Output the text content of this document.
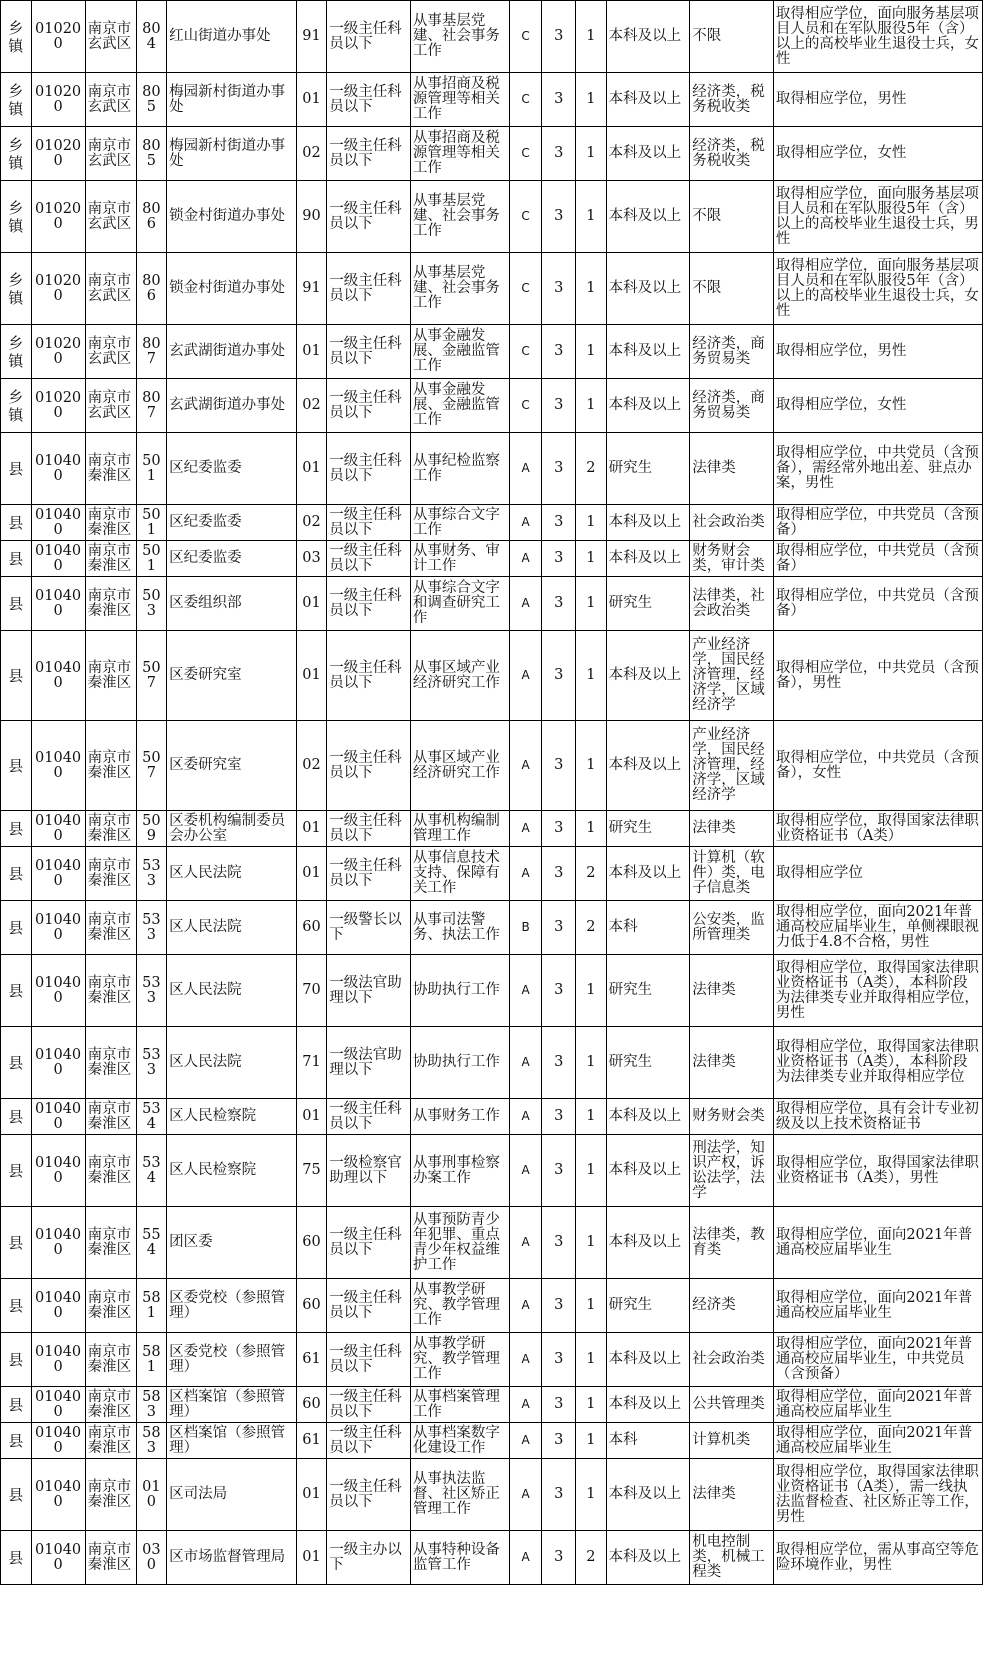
乡镇	010200	南京市玄武区	804	红山街道办事处	91	一级主任科员以下	从事基层党建、社会事务工作	C	3	1	本科及以上	不限	取得相应学位，面向服务基层项目人员和在军队服役5年（含）以上的高校毕业生退役士兵，女性
乡镇	010200	南京市玄武区	805	梅园新村街道办事处	01	一级主任科员以下	从事招商及税源管理等相关工作	C	3	1	本科及以上	经济类，税务税收类	取得相应学位，男性
乡镇	010200	南京市玄武区	805	梅园新村街道办事处	02	一级主任科员以下	从事招商及税源管理等相关工作	C	3	1	本科及以上	经济类，税务税收类	取得相应学位，女性
乡镇	010200	南京市玄武区	806	锁金村街道办事处	90	一级主任科员以下	从事基层党建、社会事务工作	C	3	1	本科及以上	不限	取得相应学位，面向服务基层项目人员和在军队服役5年（含）以上的高校毕业生退役士兵，男性
乡镇	010200	南京市玄武区	806	锁金村街道办事处	91	一级主任科员以下	从事基层党建、社会事务工作	C	3	1	本科及以上	不限	取得相应学位，面向服务基层项目人员和在军队服役5年（含）以上的高校毕业生退役士兵，女性
乡镇	010200	南京市玄武区	807	玄武湖街道办事处	01	一级主任科员以下	从事金融发展、金融监管工作	C	3	1	本科及以上	经济类，商务贸易类	取得相应学位，男性
乡镇	010200	南京市玄武区	807	玄武湖街道办事处	02	一级主任科员以下	从事金融发展、金融监管工作	C	3	1	本科及以上	经济类，商务贸易类	取得相应学位，女性
县	010400	南京市秦淮区	501	区纪委监委	01	一级主任科员以下	从事纪检监察工作	A	3	2	研究生	法律类	取得相应学位，中共党员（含预备），需经常外地出差、驻点办案，男性
县	010400	南京市秦淮区	501	区纪委监委	02	一级主任科员以下	从事综合文字工作	A	3	1	本科及以上	社会政治类	取得相应学位，中共党员（含预备）
县	010400	南京市秦淮区	501	区纪委监委	03	一级主任科员以下	从事财务、审计工作	A	3	1	本科及以上	财务财会类，审计类	取得相应学位，中共党员（含预备）
县	010400	南京市秦淮区	503	区委组织部	01	一级主任科员以下	从事综合文字和调查研究工作	A	3	1	研究生	法律类，社会政治类	取得相应学位，中共党员（含预备）
县	010400	南京市秦淮区	507	区委研究室	01	一级主任科员以下	从事区域产业经济研究工作	A	3	1	本科及以上	产业经济学，国民经济管理，经济学，区域经济学	取得相应学位，中共党员（含预备），男性
县	010400	南京市秦淮区	507	区委研究室	02	一级主任科员以下	从事区域产业经济研究工作	A	3	1	本科及以上	产业经济学，国民经济管理，经济学，区域经济学	取得相应学位，中共党员（含预备），女性
县	010400	南京市秦淮区	509	区委机构编制委员会办公室	01	一级主任科员以下	从事机构编制管理工作	A	3	1	研究生	法律类	取得相应学位，取得国家法律职业资格证书（A类）
县	010400	南京市秦淮区	533	区人民法院	01	一级主任科员以下	从事信息技术支持、保障有关工作	A	3	2	本科及以上	计算机（软件）类，电子信息类	取得相应学位
县	010400	南京市秦淮区	533	区人民法院	60	一级警长以下	从事司法警务、执法工作	B	3	2	本科	公安类，监所管理类	取得相应学位，面向2021年普通高校应届毕业生，单侧裸眼视力低于4.8不合格，男性
县	010400	南京市秦淮区	533	区人民法院	70	一级法官助理以下	协助执行工作	A	3	1	研究生	法律类	取得相应学位，取得国家法律职业资格证书（A类），本科阶段为法律类专业并取得相应学位，男性
县	010400	南京市秦淮区	533	区人民法院	71	一级法官助理以下	协助执行工作	A	3	1	研究生	法律类	取得相应学位，取得国家法律职业资格证书（A类），本科阶段为法律类专业并取得相应学位
县	010400	南京市秦淮区	534	区人民检察院	01	一级主任科员以下	从事财务工作	A	3	1	本科及以上	财务财会类	取得相应学位，具有会计专业初级及以上技术资格证书
县	010400	南京市秦淮区	534	区人民检察院	75	一级检察官助理以下	从事刑事检察办案工作	A	3	1	本科及以上	刑法学，知识产权，诉讼法学，法学	取得相应学位，取得国家法律职业资格证书（A类），男性
县	010400	南京市秦淮区	554	团区委	60	一级主任科员以下	从事预防青少年犯罪、重点青少年权益维护工作	A	3	1	本科及以上	法律类，教育类	取得相应学位，面向2021年普通高校应届毕业生
县	010400	南京市秦淮区	581	区委党校（参照管理）	60	一级主任科员以下	从事教学研究、教学管理工作	A	3	1	研究生	经济类	取得相应学位，面向2021年普通高校应届毕业生
县	010400	南京市秦淮区	581	区委党校（参照管理）	61	一级主任科员以下	从事教学研究、教学管理工作	A	3	1	本科及以上	社会政治类	取得相应学位，面向2021年普通高校应届毕业生，中共党员（含预备）
县	010400	南京市秦淮区	583	区档案馆（参照管理）	60	一级主任科员以下	从事档案管理工作	A	3	1	本科及以上	公共管理类	取得相应学位，面向2021年普通高校应届毕业生
县	010400	南京市秦淮区	583	区档案馆（参照管理）	61	一级主任科员以下	从事档案数字化建设工作	A	3	1	本科	计算机类	取得相应学位，面向2021年普通高校应届毕业生
县	010400	南京市秦淮区	010	区司法局	01	一级主任科员以下	从事执法监督、社区矫正管理工作	A	3	1	本科及以上	法律类	取得相应学位，取得国家法律职业资格证书（A类），需一线执法监督检查、社区矫正等工作，男性
县	010400	南京市秦淮区	030	区市场监督管理局	01	一级主办以下	从事特种设备监管工作	A	3	2	本科及以上	机电控制类，机械工程类	取得相应学位，需从事高空等危险环境作业，男性
